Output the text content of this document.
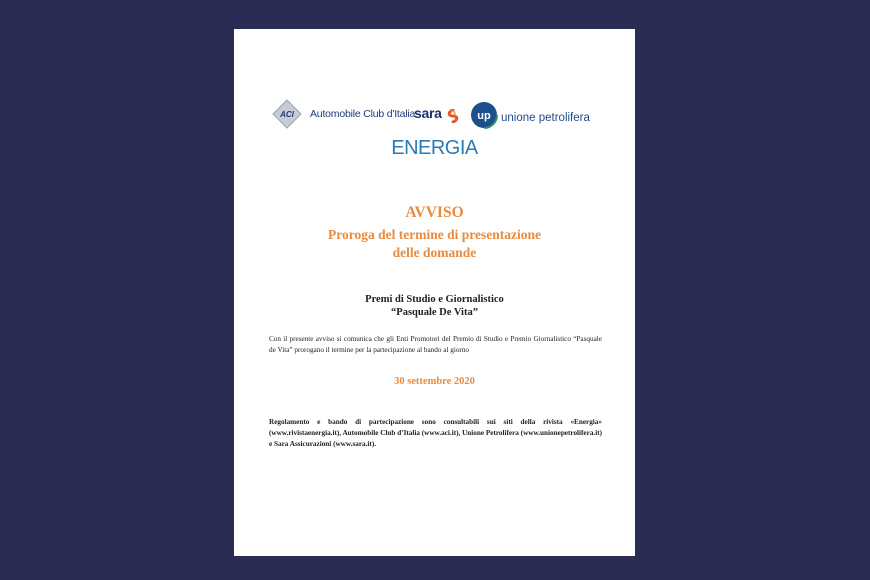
ACI Automobile Club d'Italia
sara	up unione petrolifera
ENERGIA
AVVISO
Proroga del termine di presentazione
delle domande
Premi di Studio e Giornalistico
“Pasquale De Vita”
Con il presente avviso si comunica che gli Enti Promotori del Premio di Studio e Premio Giornalistico “Pasquale de Vita” prorogano il termine per la partecipazione al bando al giorno
30 settembre 2020
Regolamento e bando di partecipazione sono consultabili sui siti della rivista «Energia» (www.rivistaenergia.it), Automobile Club d’Italia (www.aci.it), Unione Petrolifera (www.unionepetrolifera.it) e Sara Assicurazioni (www.sara.it).
